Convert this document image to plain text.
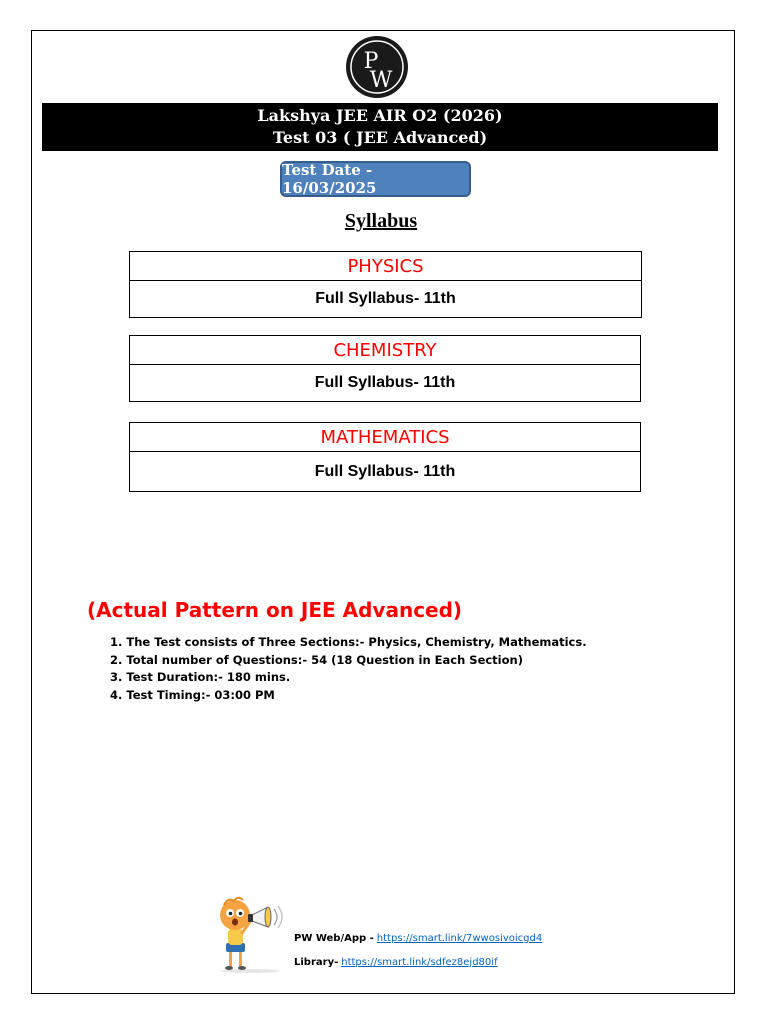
P
W
Lakshya JEE AIR O2 (2026)
Test 03 ( JEE Advanced)
Test Date - 16/03/2025
Syllabus
PHYSICS
Full Syllabus- 11th
CHEMISTRY
Full Syllabus- 11th
MATHEMATICS
Full Syllabus- 11th
(Actual Pattern on JEE Advanced)
1. The Test consists of Three Sections:- Physics, Chemistry, Mathematics.
2. Total number of Questions:- 54 (18 Question in Each Section)
3. Test Duration:- 180 mins.
4. Test Timing:- 03:00 PM
PW Web/App - https://smart.link/7wwosivoicgd4
Library- https://smart.link/sdfez8ejd80if
